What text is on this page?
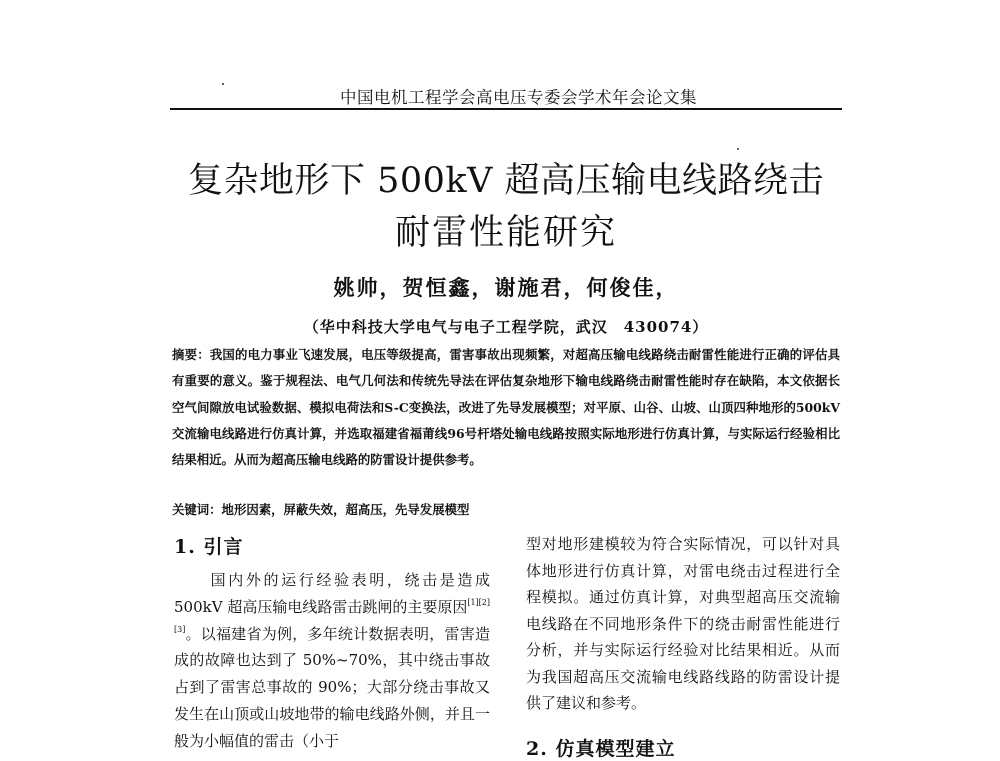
中国电机工程学会高电压专委会学术年会论文集
复杂地形下 500kV 超高压输电线路绕击
耐雷性能研究
姚帅，贺恒鑫，谢施君，何俊佳，
（华中科技大学电气与电子工程学院，武汉　430074）

摘要：我国的电力事业飞速发展，电压等级提高，雷害事故出现频繁，对超高压输电线路绕击耐雷性能进行正确的评估具有重要的意义。鉴于规程法、电气几何法和传统先导法在评估复杂地形下输电线路绕击耐雷性能时存在缺陷，本文依据长空气间隙放电试验数据、模拟电荷法和S-C变换法，改进了先导发展模型；对平原、山谷、山坡、山顶四种地形的500kV交流输电线路进行仿真计算，并选取福建省福莆线96号杆塔处输电线路按照实际地形进行仿真计算，与实际运行经验相比结果相近。从而为超高压输电线路的防雷设计提供参考。

关键词：地形因素，屏蔽失效，超高压，先导发展模型

1. 引言

国内外的运行经验表明，绕击是造成500kV 超高压输电线路雷击跳闸的主要原因[1][2][3]。以福建省为例，多年统计数据表明，雷害造成的故障也达到了 50%~70%，其中绕击事故占到了雷害总事故的 90%；大部分绕击事故又发生在山顶或山坡地带的输电线路外侧，并且一般为小幅值的雷击（小于

型对地形建模较为符合实际情况，可以针对具体地形进行仿真计算，对雷电绕击过程进行全程模拟。通过仿真计算，对典型超高压交流输电线路在不同地形条件下的绕击耐雷性能进行分析，并与实际运行经验对比结果相近。从而为我国超高压交流输电线路线路的防雷设计提供了建议和参考。

2. 仿真模型建立
